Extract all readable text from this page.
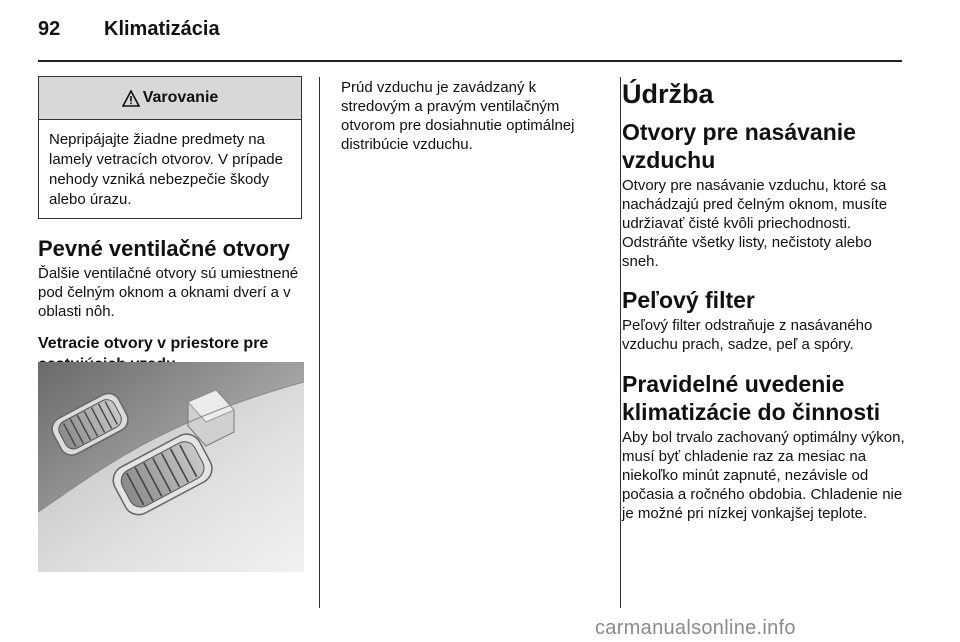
92 Klimatizácia
Varovanie
Nepripájajte žiadne predmety na lamely vetracích otvorov. V prípade nehody vzniká nebezpečie škody alebo úrazu.
Pevné ventilačné otvory

Ďalšie ventilačné otvory sú umiestnené pod čelným oknom a oknami dverí a v oblasti nôh.

Vetracie otvory v priestore pre

Prúd vzduchu je zavádzaný k stredovým a pravým ventilačným otvorom pre dosiahnutie optimálnej distribúcie vzduchu.

Údržba
Otvory pre nasávanie vzduchu

Otvory pre nasávanie vzduchu, ktoré sa nachádzajú pred čelným oknom, musíte udržiavať čisté kvôli priechodnosti. Odstráňte všetky listy, nečistoty alebo sneh.

Peľový filter

Peľový filter odstraňuje z nasávaného vzduchu prach, sadze, peľ a spóry.

Pravidelné uvedenie klimatizácie do činnosti

Aby bol trvalo zachovaný optimálny výkon, musí byť chladenie raz za mesiac na niekoľko minút zapnuté, nezávisle od počasia a ročného obdobia. Chladenie nie je možné pri nízkej vonkajšej teplote.

carmanualsonline.info
